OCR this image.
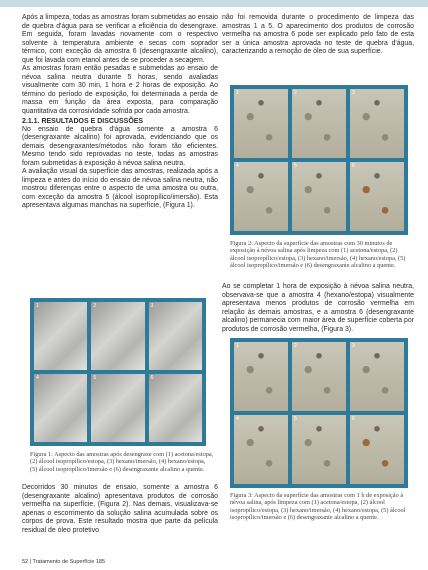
Após a limpeza, todas as amostras foram submetidas ao ensaio de quebra d'água para se verificar a eficiência do desengraxe. Em seguida, foram lavadas novamente com o respectivo solvente à temperatura ambiente e secas com soprador térmico, com exceção da amostra 6 (desengraxante alcalino), que foi lavada com etanol antes de se proceder a secagem.

As amostras foram então pesadas e submetidas ao ensaio de névoa salina neutra durante 5 horas, sendo avaliadas visualmente com 30 min, 1 hora e 2 horas de exposição. Ao término do período de exposição, foi determinada a perda de massa em função da área exposta, para comparação quantitativa da corrosividade sofrida por cada amostra.

2.1.1. RESULTADOS E DISCUSSÕES

No ensaio de quebra d'água somente a amostra 6 (desengraxante alcalino) foi aprovada, evidenciando que os demais desengraxantes/métodos não foram tão eficientes. Mesmo tendo sido reprovadas no teste, todas as amostras foram submetidas à exposição à névoa salina neutra.

A avaliação visual da superfície das amostras, realizada após a limpeza e antes do início do ensaio de névoa salina neutra, não mostrou diferenças entre o aspecto de uma amostra ou outra, com exceção da amostra 5 (álcool isopropílico/imersão). Esta apresentava algumas manchas na superfície, (Figura 1).

1	2	3
4	5	6

Figura 1: Aspecto das amostras após desengraxe com (1) acetona/estopa, (2) álcool isopropílico/estopa, (3) hexano/imersão, (4) hexano/estopa, (5) álcool isopropílico/imersão e (6) desengraxante alcalino a quente.

Decorridos 30 minutos de ensaio, somente a amostra 6 (desengraxante alcalino) apresentava produtos de corrosão vermelha na superfície, (Figura 2). Nas demais, visualizava-se apenas o escorrimento da solução salina acumulada sobre os corpos de prova. Este resultado mostra que parte da película residual de óleo protetivo

não foi removida durante o procedimento de limpeza das amostras 1 a 5. O aparecimento dos produtos de corrosão vermelha na amostra 6 pode ser explicado pelo fato de esta ser a única amostra aprovada no teste de quebra d'água, caracterizando a remoção de óleo de sua superfície.

1	2	3
4	5	6

Figura 2: Aspecto da superfície das amostras com 30 minutos de exposição à névoa salina após limpeza com (1) acetona/estopa, (2) álcool isopropílico/estopa, (3) hexano/imersão, (4) hexano/estopa, (5) álcool isopropílico/imersão e (6) desengraxante alcalino a quente.

Ao se completar 1 hora de exposição à névoa salina neutra, observava-se que a amostra 4 (hexano/estopa) visualmente apresentava menos produtos de corrosão vermelha em relação às demais amostras, e a amostra 6 (desengraxante alcalino) permanecia com maior área de superfície coberta por produtos de corrosão vermelha, (Figura 3).

1	2	3
4	5	6

Figura 3: Aspecto da superfície das amostras com 1 h de exposição à névoa salina, após limpeza com (1) acetona/estopa, (2) álcool isopropílico/estopa, (3) hexano/imersão, (4) hexano/estopa, (5) álcool isopropílico/imersão e (6) desengraxante alcalino a quente.

52 | Tratamento de Superfície 185
